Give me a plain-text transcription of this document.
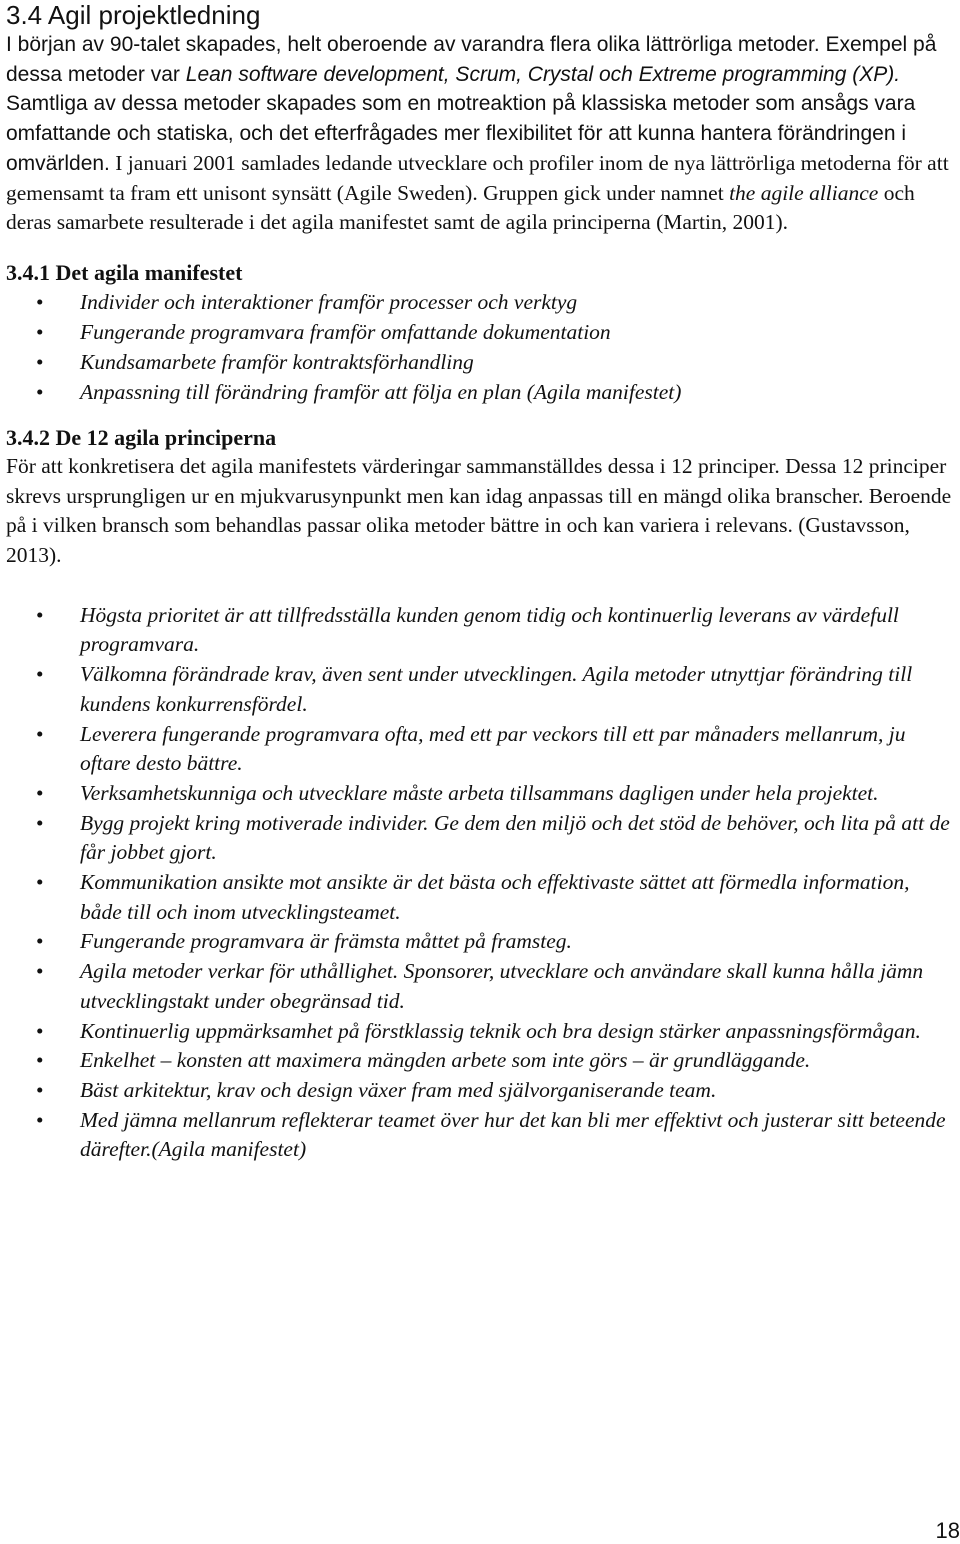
3.4 Agil projektledning

I början av 90-talet skapades, helt oberoende av varandra flera olika lättrörliga metoder. Exempel på dessa metoder var Lean software development, Scrum, Crystal och Extreme programming (XP). Samtliga av dessa metoder skapades som en motreaktion på klassiska metoder som ansågs vara omfattande och statiska, och det efterfrågades mer flexibilitet för att kunna hantera förändringen i omvärlden. I januari 2001 samlades ledande utvecklare och profiler inom de nya lättrörliga metoderna för att gemensamt ta fram ett unisont synsätt (Agile Sweden). Gruppen gick under namnet the agile alliance och deras samarbete resulterade i det agila manifestet samt de agila principerna (Martin, 2001).

3.4.1 Det agila manifestet
• Individer och interaktioner framför processer och verktyg
• Fungerande programvara framför omfattande dokumentation
• Kundsamarbete framför kontraktsförhandling
• Anpassning till förändring framför att följa en plan (Agila manifestet)
3.4.2 De 12 agila principerna

För att konkretisera det agila manifestets värderingar sammanställdes dessa i 12 principer. Dessa 12 principer skrevs ursprungligen ur en mjukvarusynpunkt men kan idag anpassas till en mängd olika branscher. Beroende på i vilken bransch som behandlas passar olika metoder bättre in och kan variera i relevans. (Gustavsson, 2013).

• Högsta prioritet är att tillfredsställa kunden genom tidig och kontinuerlig leverans av värdefull programvara.
• Välkomna förändrade krav, även sent under utvecklingen. Agila metoder utnyttjar förändring till kundens konkurrensfördel.
• Leverera fungerande programvara ofta, med ett par veckors till ett par månaders mellanrum, ju oftare desto bättre.
• Verksamhetskunniga och utvecklare måste arbeta tillsammans dagligen under hela projektet.
• Bygg projekt kring motiverade individer. Ge dem den miljö och det stöd de behöver, och lita på att de får jobbet gjort.
• Kommunikation ansikte mot ansikte är det bästa och effektivaste sättet att förmedla information, både till och inom utvecklingsteamet.
• Fungerande programvara är främsta måttet på framsteg.
• Agila metoder verkar för uthållighet. Sponsorer, utvecklare och användare skall kunna hålla jämn utvecklingstakt under obegränsad tid.
• Kontinuerlig uppmärksamhet på förstklassig teknik och bra design stärker anpassningsförmågan.
• Enkelhet – konsten att maximera mängden arbete som inte görs – är grundläggande.
• Bäst arkitektur, krav och design växer fram med självorganiserande team.
• Med jämna mellanrum reflekterar teamet över hur det kan bli mer effektivt och justerar sitt beteende därefter.(Agila manifestet)
18
